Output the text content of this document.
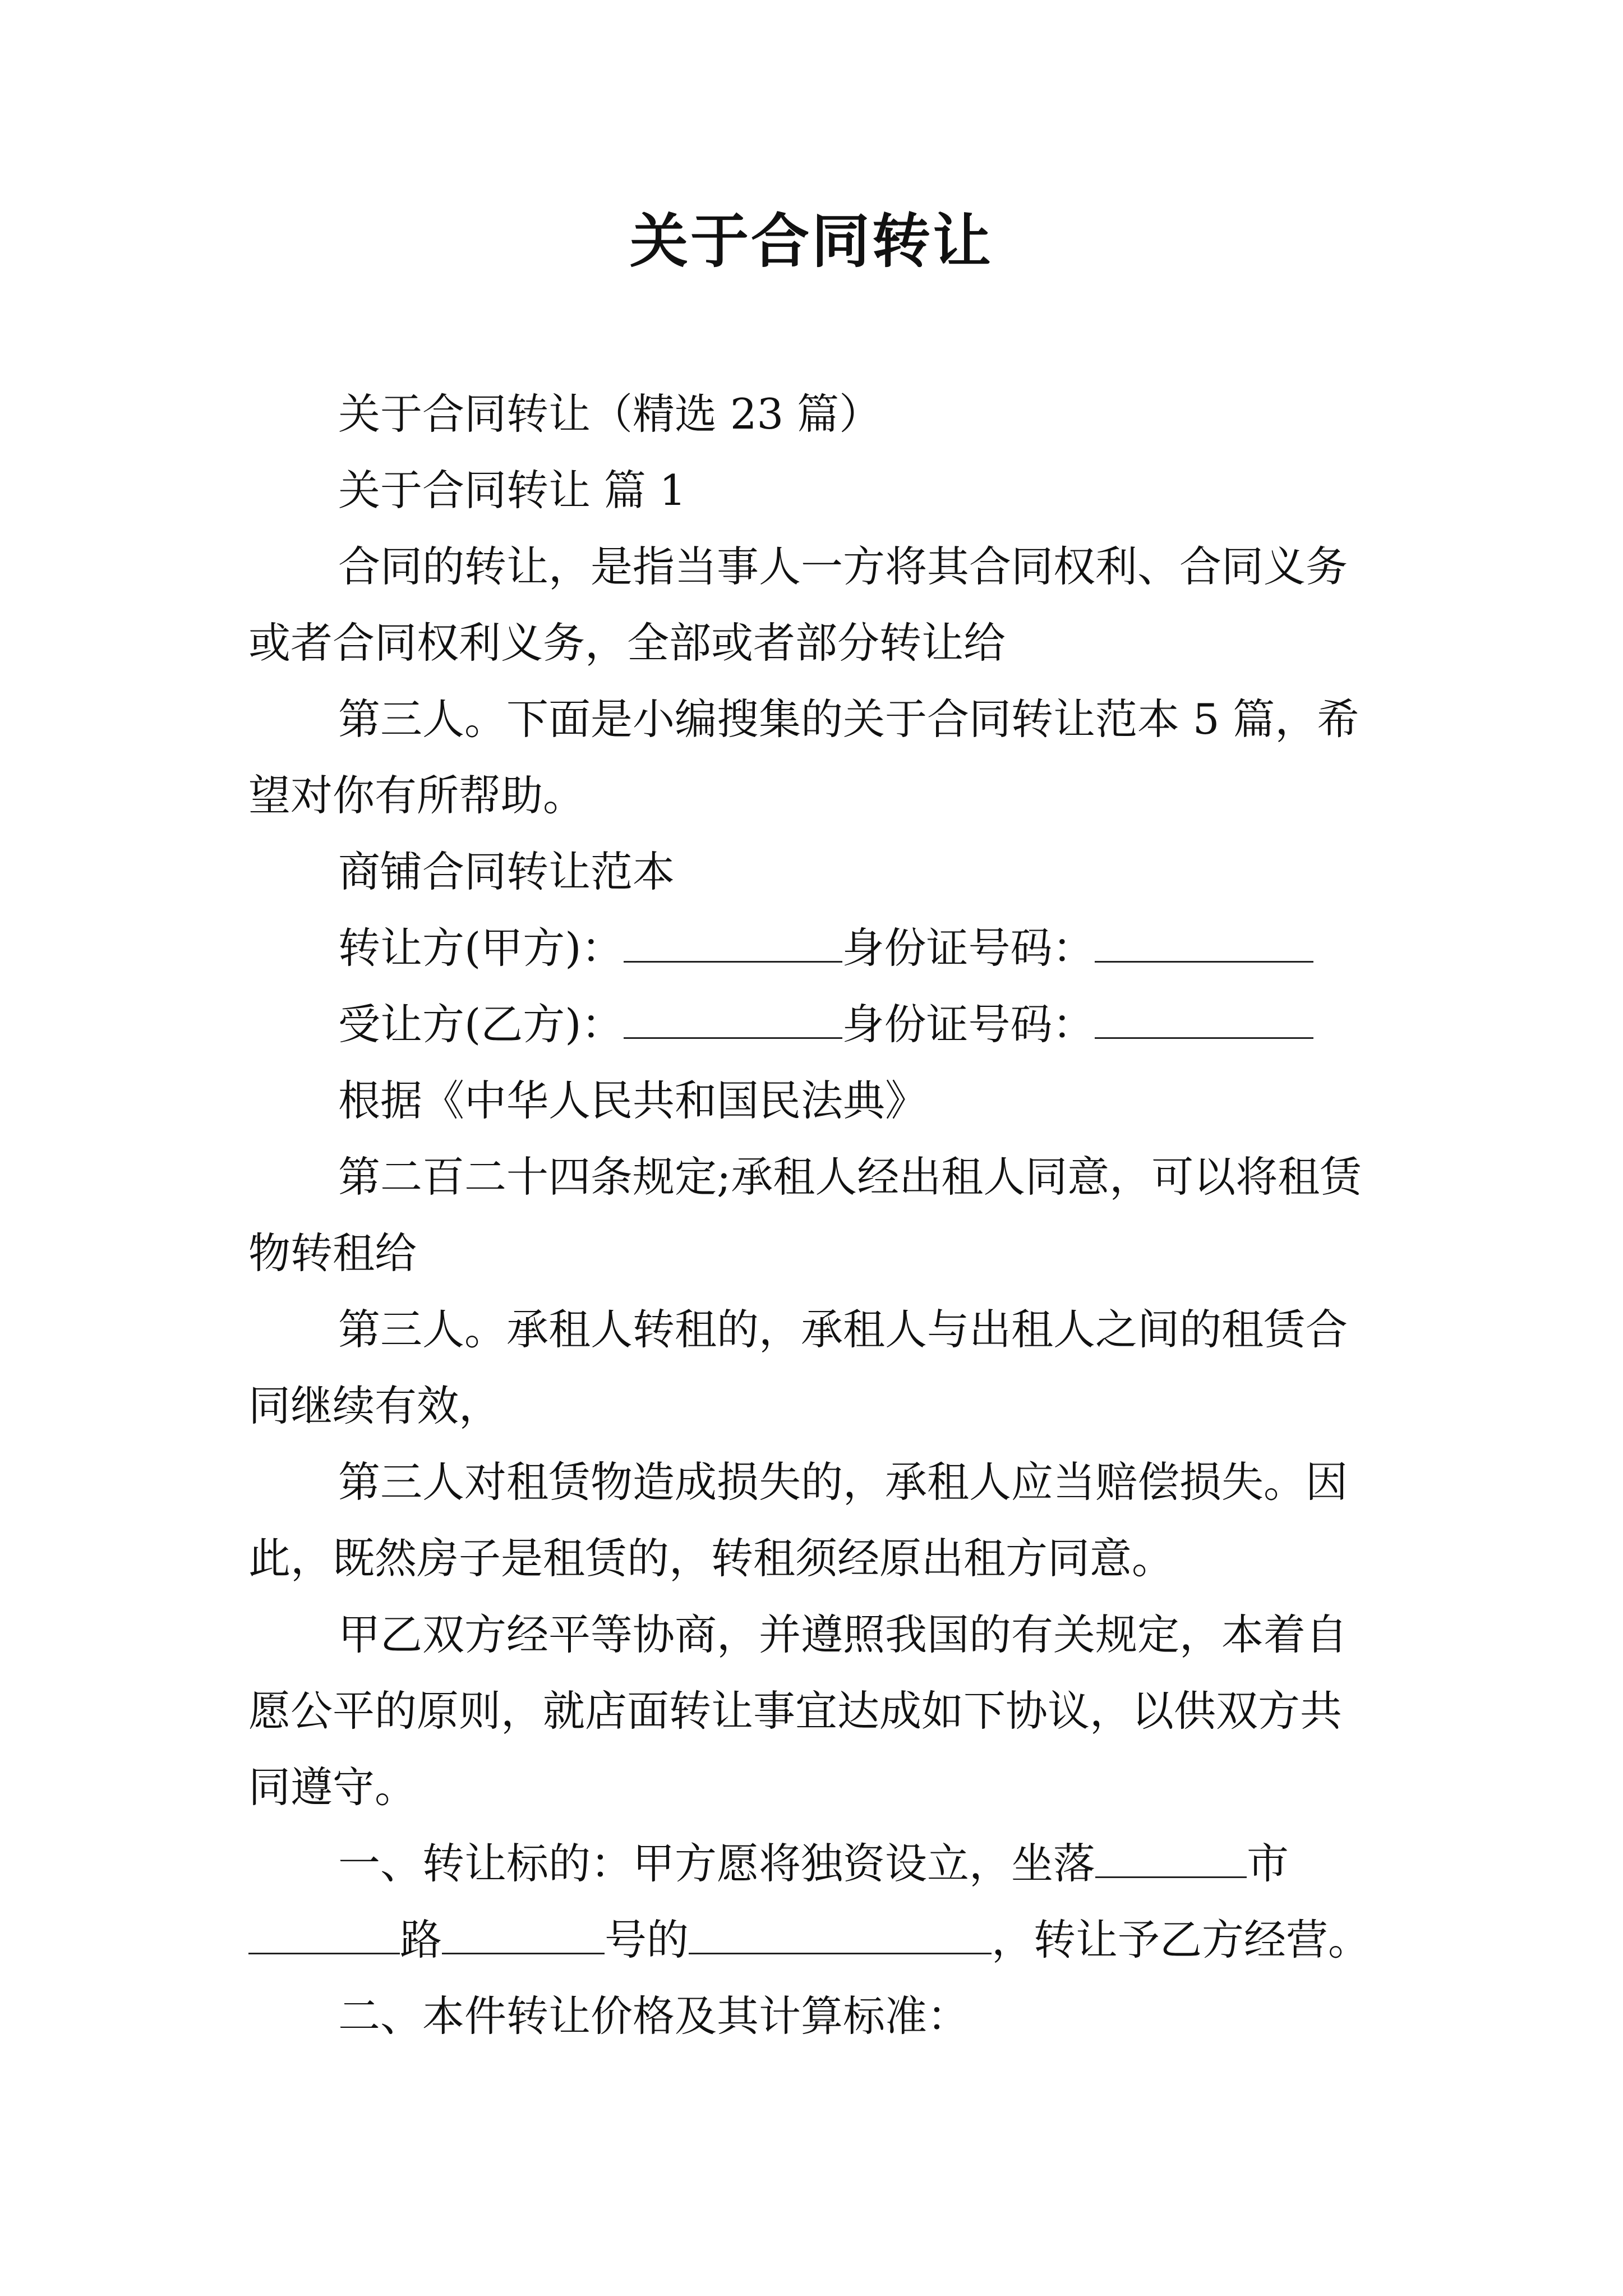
关于合同转让

关于合同转让（精选 23 篇）

关于合同转让 篇 1

合同的转让，是指当事人一方将其合同权利、合同义务或者合同权利义务，全部或者部分转让给

第三人。下面是小编搜集的关于合同转让范本 5 篇，希望对你有所帮助。

商铺合同转让范本

转让方(甲方)：	身份证号码：

受让方(乙方)：	身份证号码：

根据《中华人民共和国民法典》

第二百二十四条规定;承租人经出租人同意，可以将租赁物转租给

第三人。承租人转租的，承租人与出租人之间的租赁合同继续有效，

第三人对租赁物造成损失的，承租人应当赔偿损失。因此，既然房子是租赁的，转租须经原出租方同意。

甲乙双方经平等协商，并遵照我国的有关规定，本着自愿公平的原则，就店面转让事宜达成如下协议，以供双方共同遵守。

一、转让标的：甲方愿将独资设立，坐落	市路	号的	，转让予乙方经营。

二、本件转让价格及其计算标准：
